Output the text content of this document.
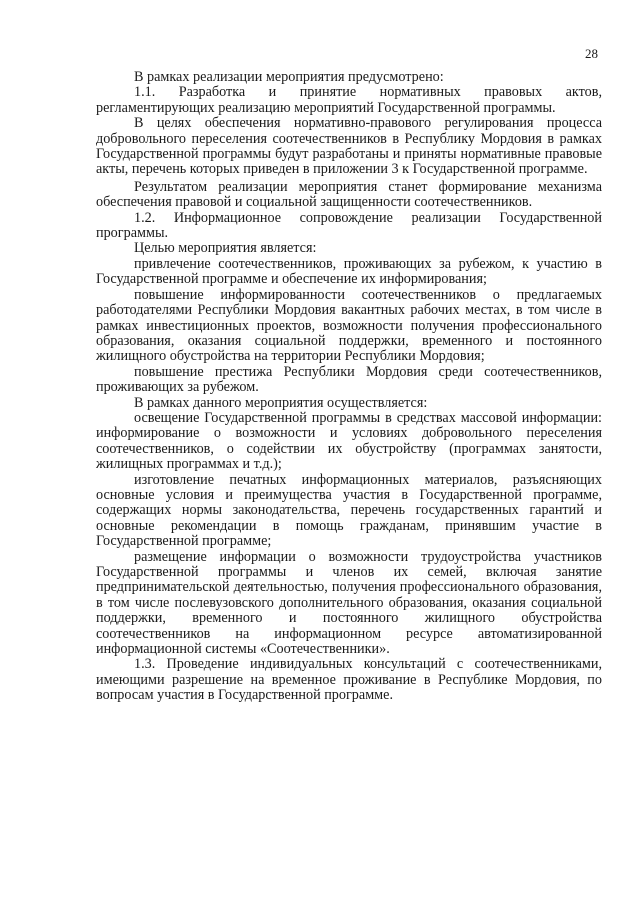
28

В рамках реализации мероприятия предусмотрено:

1.1. Разработка и принятие нормативных правовых актов, регламентирующих реализацию мероприятий Государственной программы.

В целях обеспечения нормативно-правового регулирования процесса добровольного переселения соотечественников в Республику Мордовия в рамках Государственной программы будут разработаны и приняты нормативные правовые акты, перечень которых приведен в приложении 3 к Государственной программе.

Результатом реализации мероприятия станет формирование механизма обеспечения правовой и социальной защищенности соотечественников.

1.2. Информационное сопровождение реализации Государственной программы.

Целью мероприятия является:

привлечение соотечественников, проживающих за рубежом, к участию в Государственной программе и обеспечение их информирования;

повышение информированности соотечественников о предлагаемых работодателями Республики Мордовия вакантных рабочих местах, в том числе в рамках инвестиционных проектов, возможности получения профессионального образования, оказания социальной поддержки, временного и постоянного жилищного обустройства на территории Республики Мордовия;

повышение престижа Республики Мордовия среди соотечественников, проживающих за рубежом.

В рамках данного мероприятия осуществляется:

освещение Государственной программы в средствах массовой информации: информирование о возможности и условиях добровольного переселения соотечественников, о содействии их обустройству (программах занятости, жилищных программах и т.д.);

изготовление печатных информационных материалов, разъясняющих основные условия и преимущества участия в Государственной программе, содержащих нормы законодательства, перечень государственных гарантий и основные рекомендации в помощь гражданам, принявшим участие в Государственной программе;

размещение информации о возможности трудоустройства участников Государственной программы и членов их семей, включая занятие предпринимательской деятельностью, получения профессионального образования, в том числе послевузовского дополнительного образования, оказания социальной поддержки, временного и постоянного жилищного обустройства соотечественников на информационном ресурсе автоматизированной информационной системы «Соотечественники».

1.3. Проведение индивидуальных консультаций с соотечественниками, имеющими разрешение на временное проживание в Республике Мордовия, по вопросам участия в Государственной программе.
